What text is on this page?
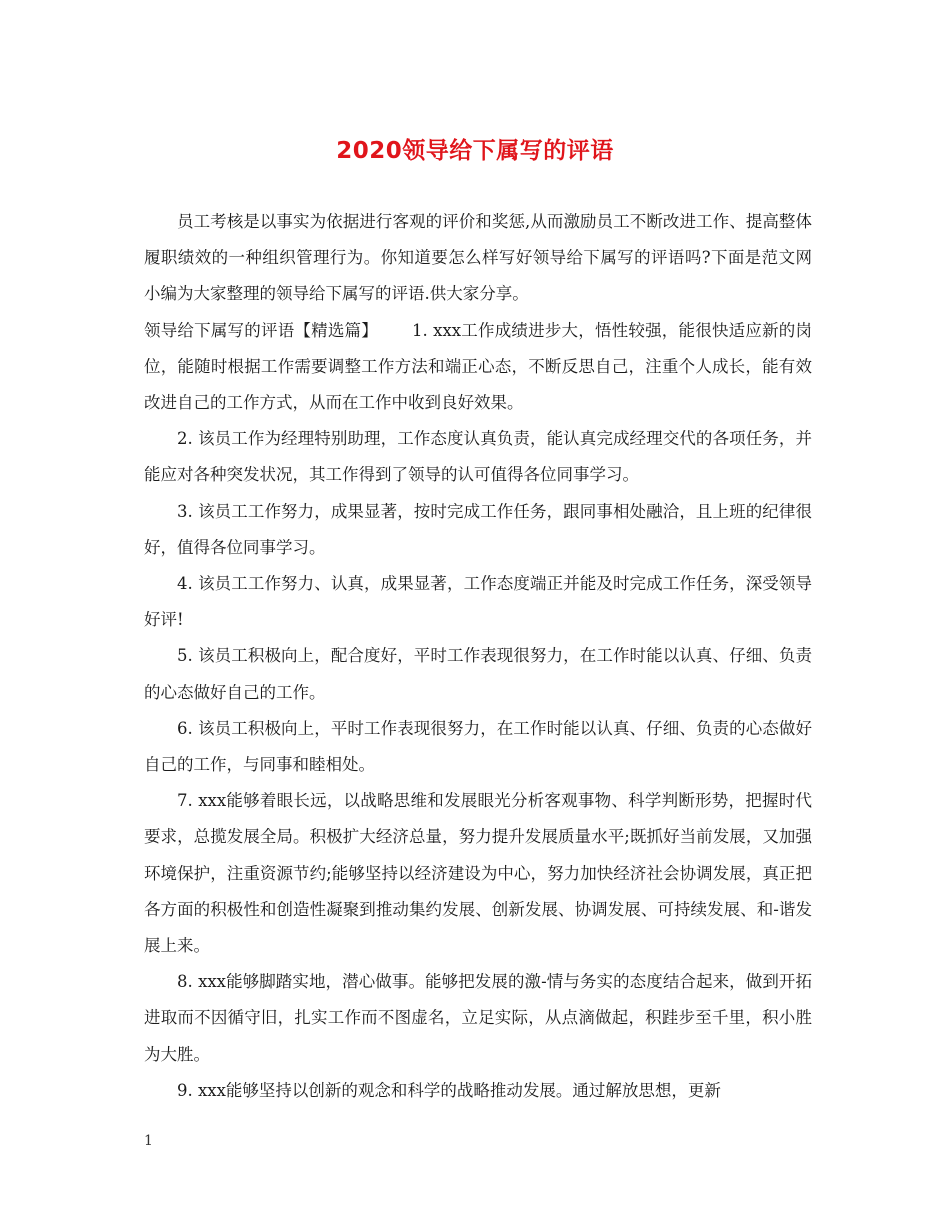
2020领导给下属写的评语

员工考核是以事实为依据进行客观的评价和奖惩,从而激励员工不断改进工作、提高整体履职绩效的一种组织管理行为。你知道要怎么样写好领导给下属写的评语吗?下面是范文网小编为大家整理的领导给下属写的评语.供大家分享。

领导给下属写的评语【精选篇】 1. xxx工作成绩进步大，悟性较强，能很快适应新的岗位，能随时根据工作需要调整工作方法和端正心态，不断反思自己，注重个人成长，能有效改进自己的工作方式，从而在工作中收到良好效果。

2. 该员工作为经理特别助理，工作态度认真负责，能认真完成经理交代的各项任务，并能应对各种突发状况，其工作得到了领导的认可值得各位同事学习。

3. 该员工工作努力，成果显著，按时完成工作任务，跟同事相处融洽，且上班的纪律很好，值得各位同事学习。

4. 该员工工作努力、认真，成果显著，工作态度端正并能及时完成工作任务，深受领导好评!

5. 该员工积极向上，配合度好，平时工作表现很努力，在工作时能以认真、仔细、负责的心态做好自己的工作。

6. 该员工积极向上，平时工作表现很努力，在工作时能以认真、仔细、负责的心态做好自己的工作，与同事和睦相处。

7. xxx能够着眼长远，以战略思维和发展眼光分析客观事物、科学判断形势，把握时代要求，总揽发展全局。积极扩大经济总量，努力提升发展质量水平;既抓好当前发展，又加强环境保护，注重资源节约;能够坚持以经济建设为中心，努力加快经济社会协调发展，真正把各方面的积极性和创造性凝聚到推动集约发展、创新发展、协调发展、可持续发展、和-谐发展上来。

8. xxx能够脚踏实地，潜心做事。能够把发展的激-情与务实的态度结合起来，做到开拓进取而不因循守旧，扎实工作而不图虚名，立足实际，从点滴做起，积跬步至千里，积小胜为大胜。

9. xxx能够坚持以创新的观念和科学的战略推动发展。通过解放思想，更新

1
